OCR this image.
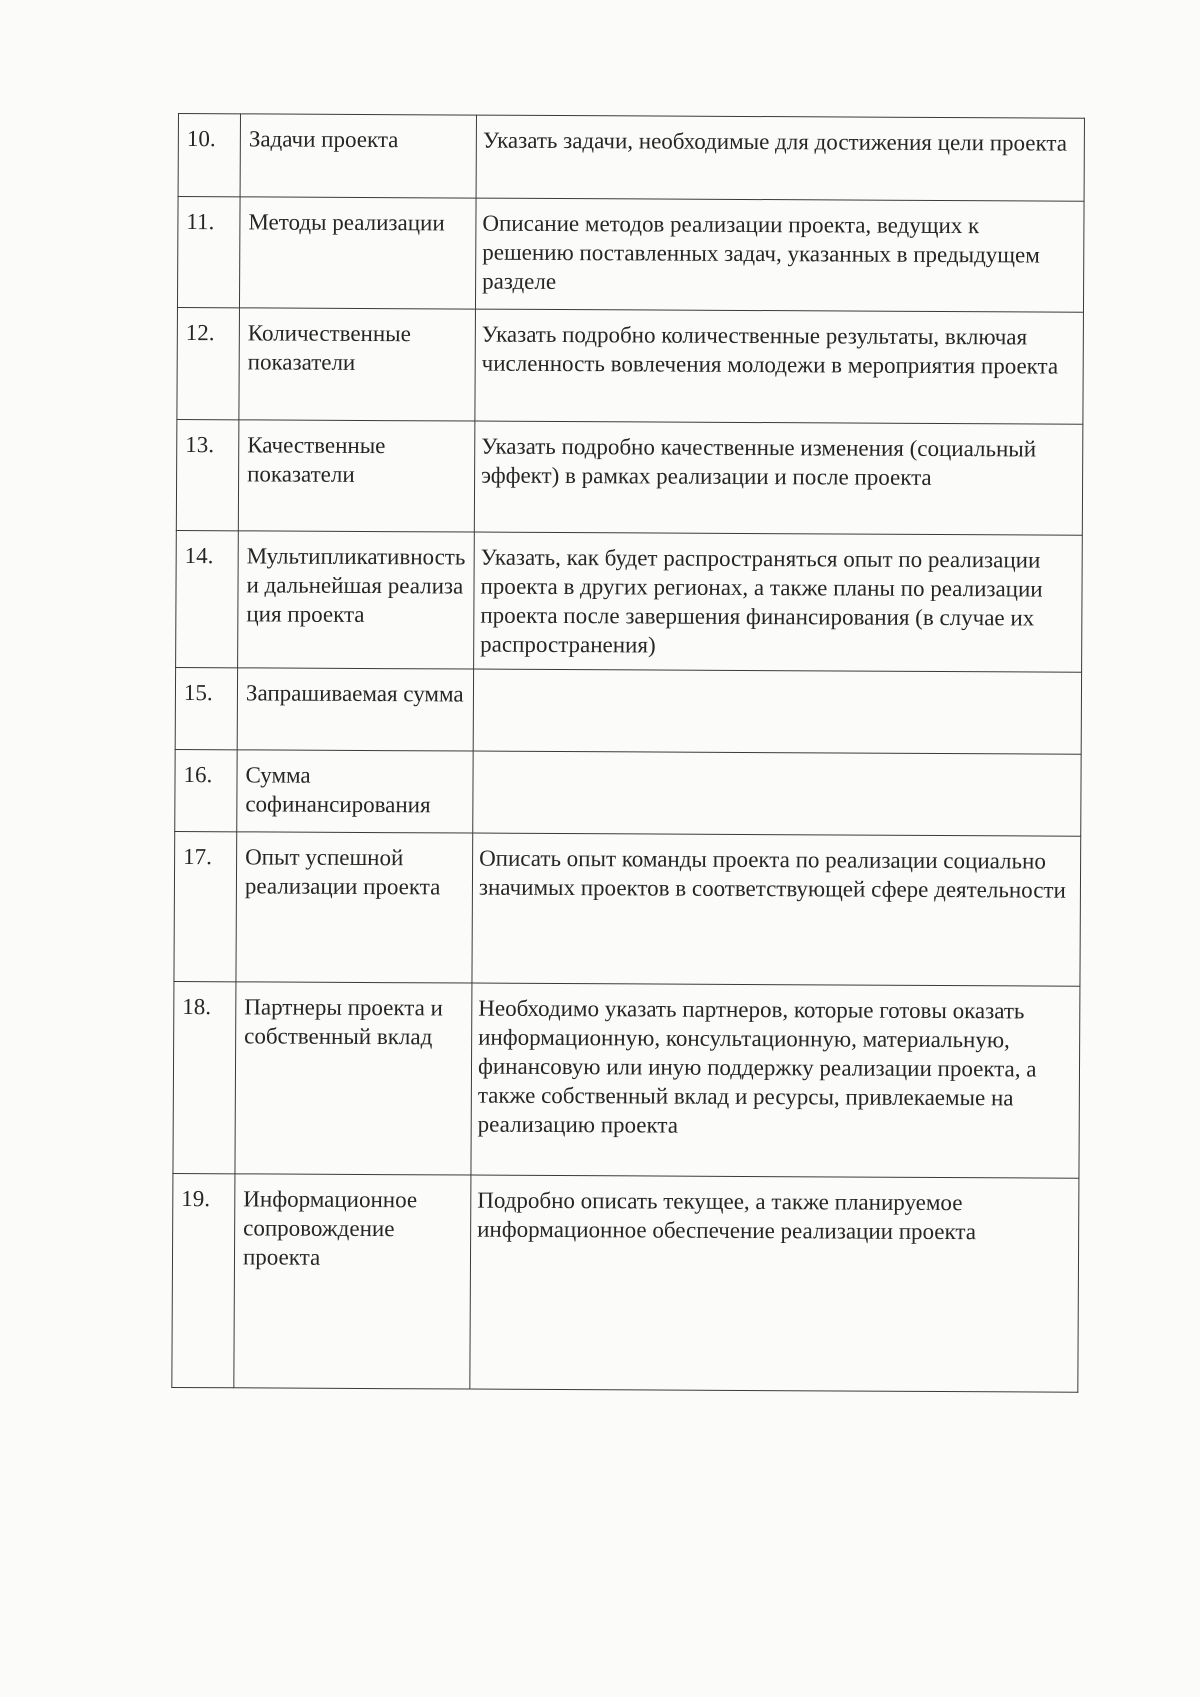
10.	Задачи проекта	Указать задачи, необходимые для достижения цели проекта
11.	Методы реализации	Описание методов реализации проекта, ведущих к решению поставленных задач, указанных в предыдущем разделе
12.	Количественные показатели	Указать подробно количественные результаты, включая численность вовлечения молодежи в мероприятия проекта
13.	Качественные показатели	Указать подробно качественные изменения (социальный эффект) в рамках реализации и после проекта
14.	Мультипликативность и дальнейшая реализация проекта	Указать, как будет распространяться опыт по реализации проекта в других регионах, а также планы по реализации проекта после завершения финансирования (в случае их распространения)
15.	Запрашиваемая сумма	
16.	Сумма софинансирования	
17.	Опыт успешной реализации проекта	Описать опыт команды проекта по реализации социально значимых проектов в соответствующей сфере деятельности
18.	Партнеры проекта и собственный вклад	Необходимо указать партнеров, которые готовы оказать информационную, консультационную, материальную, финансовую или иную поддержку реализации проекта, а также собственный вклад и ресурсы, привлекаемые на реализацию проекта
19.	Информационное сопровождение проекта	Подробно описать текущее, а также планируемое информационное обеспечение реализации проекта
